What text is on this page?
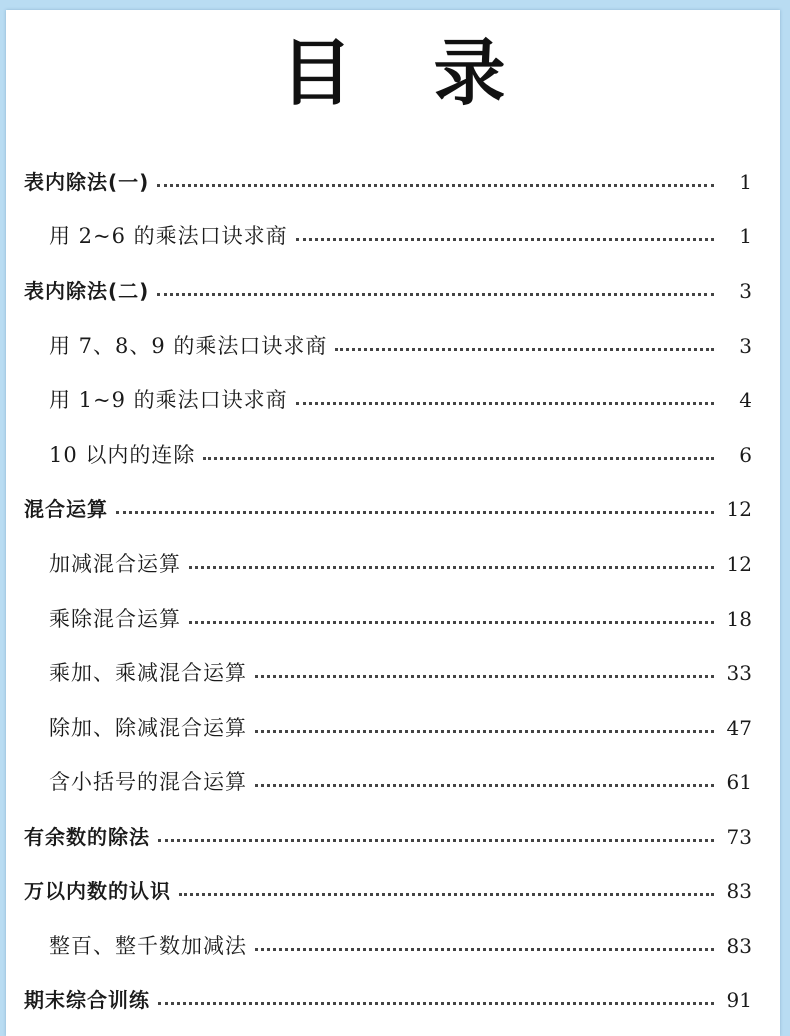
目 录
表内除法(一)	1
用 2~6 的乘法口诀求商	1
表内除法(二)	3
用 7、8、9 的乘法口诀求商	3
用 1~9 的乘法口诀求商	4
10 以内的连除	6
混合运算	12
加减混合运算	12
乘除混合运算	18
乘加、乘减混合运算	33
除加、除减混合运算	47
含小括号的混合运算	61
有余数的除法	73
万以内数的认识	83
整百、整千数加减法	83
期末综合训练	91
